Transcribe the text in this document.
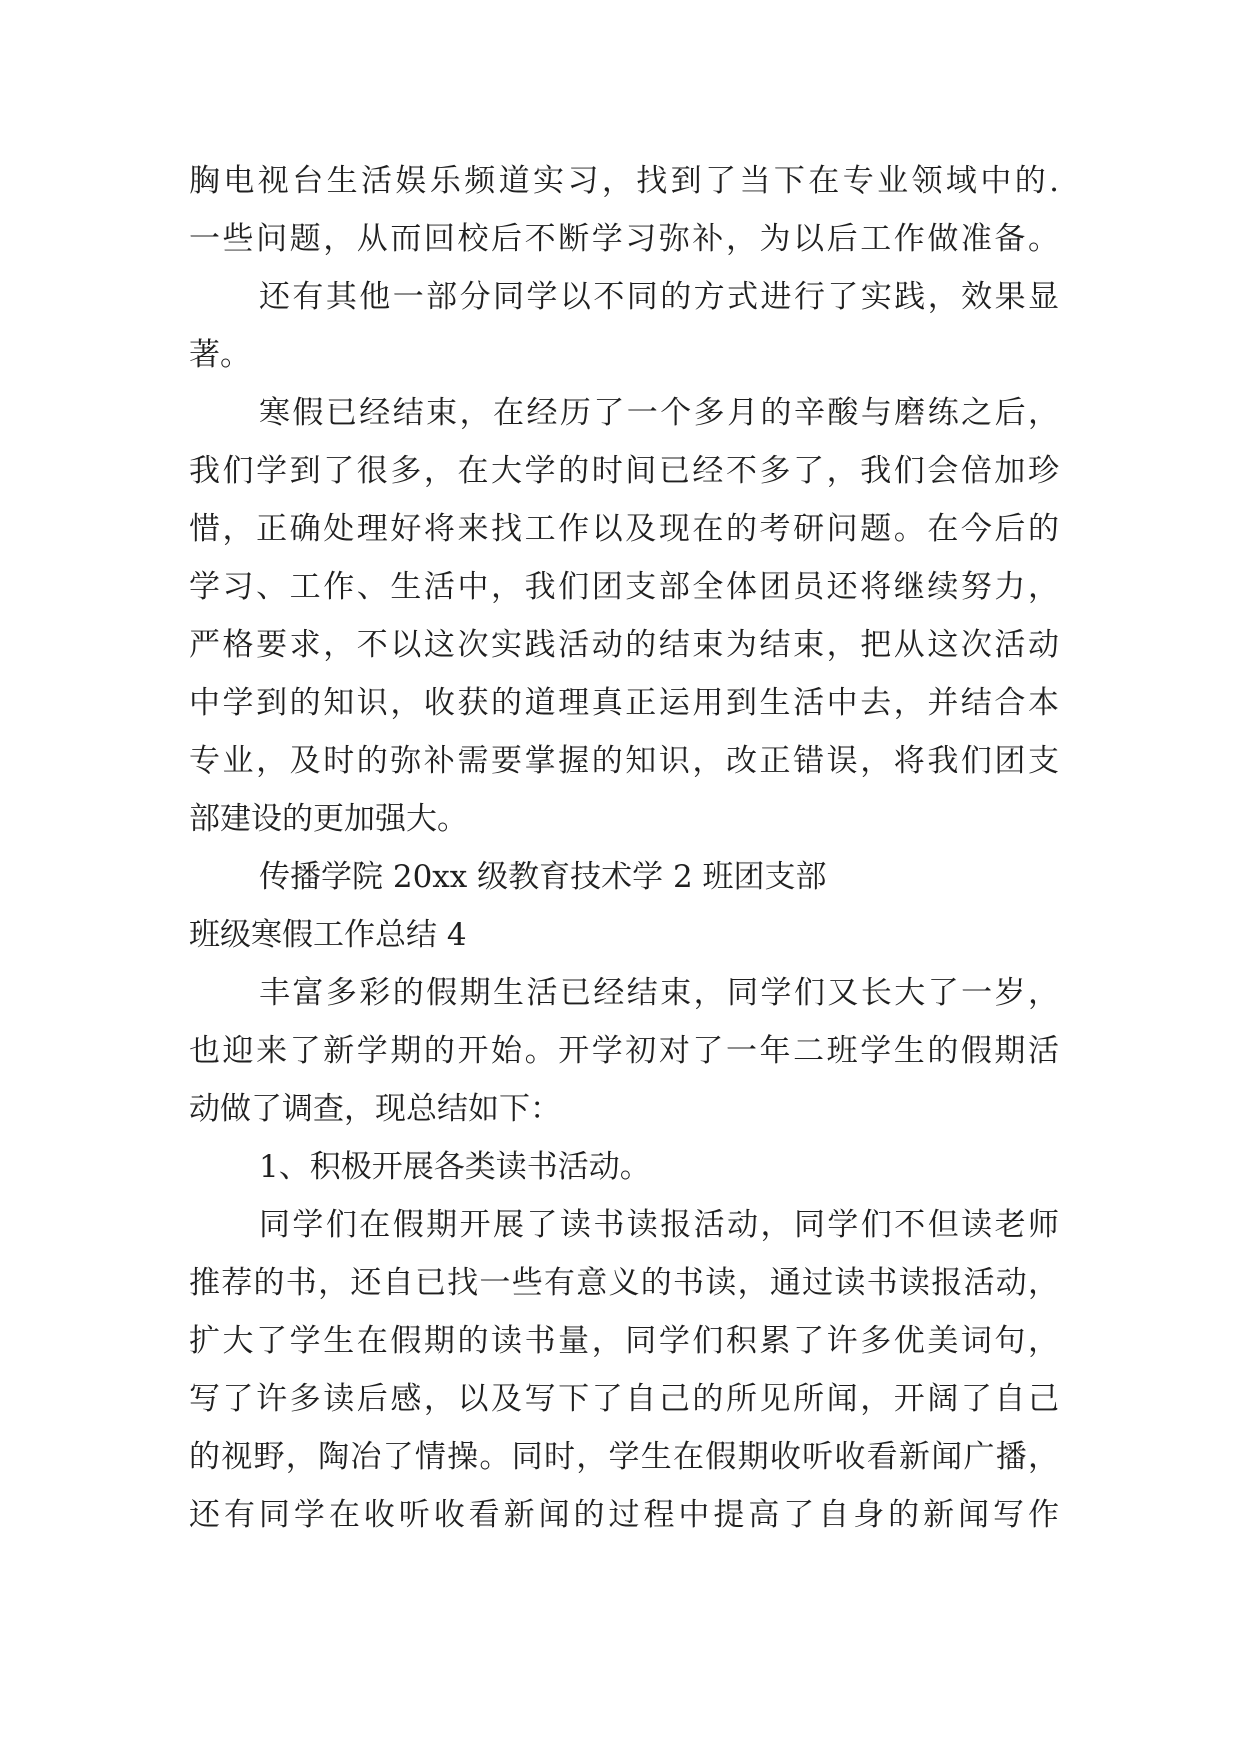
胸电视台生活娱乐频道实习，找到了当下在专业领域中的.
一些问题，从而回校后不断学习弥补，为以后工作做准备。
还有其他一部分同学以不同的方式进行了实践，效果显
著。
寒假已经结束，在经历了一个多月的辛酸与磨练之后，
我们学到了很多，在大学的时间已经不多了，我们会倍加珍
惜，正确处理好将来找工作以及现在的考研问题。在今后的
学习、工作、生活中，我们团支部全体团员还将继续努力，
严格要求，不以这次实践活动的结束为结束，把从这次活动
中学到的知识，收获的道理真正运用到生活中去，并结合本
专业，及时的弥补需要掌握的知识，改正错误，将我们团支
部建设的更加强大。
传播学院 20xx 级教育技术学 2 班团支部
班级寒假工作总结 4
丰富多彩的假期生活已经结束，同学们又长大了一岁，
也迎来了新学期的开始。开学初对了一年二班学生的假期活
动做了调查，现总结如下：
1、积极开展各类读书活动。
同学们在假期开展了读书读报活动，同学们不但读老师
推荐的书，还自已找一些有意义的书读，通过读书读报活动，
扩大了学生在假期的读书量，同学们积累了许多优美词句，
写了许多读后感，以及写下了自己的所见所闻，开阔了自己
的视野，陶冶了情操。同时，学生在假期收听收看新闻广播，
还有同学在收听收看新闻的过程中提高了自身的新闻写作
